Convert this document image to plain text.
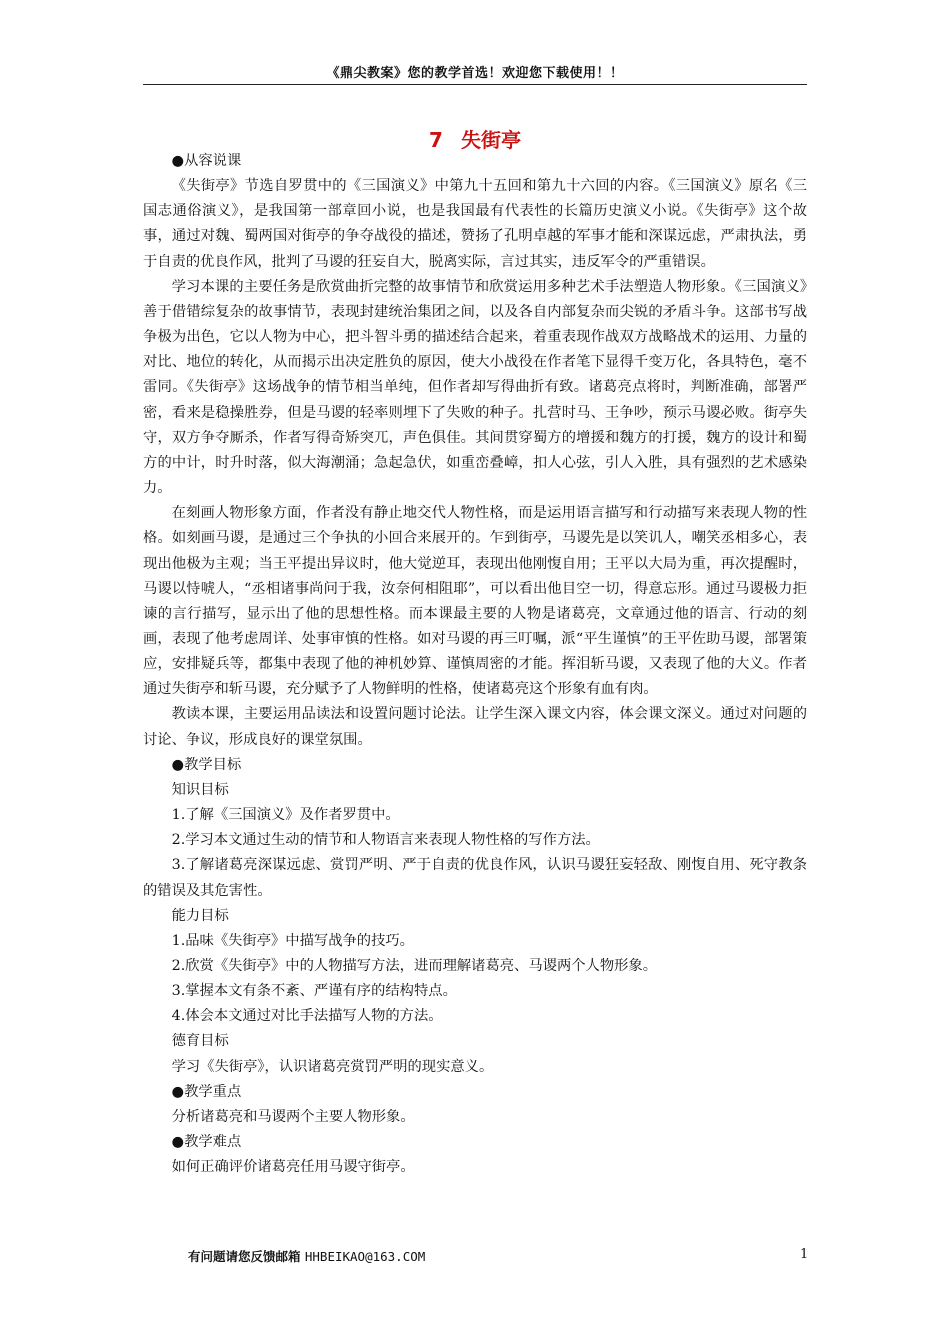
《鼎尖教案》您的教学首选！欢迎您下载使用！！
7 失街亭

●从容说课

《失街亭》节选自罗贯中的《三国演义》中第九十五回和第九十六回的内容。《三国演义》原名《三国志通俗演义》，是我国第一部章回小说，也是我国最有代表性的长篇历史演义小说。《失街亭》这个故事，通过对魏、蜀两国对街亭的争夺战役的描述，赞扬了孔明卓越的军事才能和深谋远虑，严肃执法，勇于自责的优良作风，批判了马谡的狂妄自大，脱离实际，言过其实，违反军令的严重错误。

学习本课的主要任务是欣赏曲折完整的故事情节和欣赏运用多种艺术手法塑造人物形象。《三国演义》善于借错综复杂的故事情节，表现封建统治集团之间，以及各自内部复杂而尖锐的矛盾斗争。这部书写战争极为出色，它以人物为中心，把斗智斗勇的描述结合起来，着重表现作战双方战略战术的运用、力量的对比、地位的转化，从而揭示出决定胜负的原因，使大小战役在作者笔下显得千变万化，各具特色，毫不雷同。《失街亭》这场战争的情节相当单纯，但作者却写得曲折有致。诸葛亮点将时，判断准确，部署严密，看来是稳操胜券，但是马谡的轻率则埋下了失败的种子。扎营时马、王争吵，预示马谡必败。街亭失守，双方争夺厮杀，作者写得奇矫突兀，声色俱佳。其间贯穿蜀方的增援和魏方的打援，魏方的设计和蜀方的中计，时升时落，似大海潮涌；急起急伏，如重峦叠嶂，扣人心弦，引人入胜，具有强烈的艺术感染力。

在刻画人物形象方面，作者没有静止地交代人物性格，而是运用语言描写和行动描写来表现人物的性格。如刻画马谡，是通过三个争执的小回合来展开的。乍到街亭，马谡先是以笑讥人，嘲笑丞相多心，表现出他极为主观；当王平提出异议时，他大觉逆耳，表现出他刚愎自用；王平以大局为重，再次提醒时，马谡以恃唬人，“丞相诸事尚问于我，汝奈何相阻耶”，可以看出他目空一切，得意忘形。通过马谡极力拒谏的言行描写，显示出了他的思想性格。而本课最主要的人物是诸葛亮，文章通过他的语言、行动的刻画，表现了他考虑周详、处事审慎的性格。如对马谡的再三叮嘱，派“平生谨慎”的王平佐助马谡，部署策应，安排疑兵等，都集中表现了他的神机妙算、谨慎周密的才能。挥泪斩马谡，又表现了他的大义。作者通过失街亭和斩马谡，充分赋予了人物鲜明的性格，使诸葛亮这个形象有血有肉。

教读本课，主要运用品读法和设置问题讨论法。让学生深入课文内容，体会课文深义。通过对问题的讨论、争议，形成良好的课堂氛围。

●教学目标

知识目标

1.了解《三国演义》及作者罗贯中。

2.学习本文通过生动的情节和人物语言来表现人物性格的写作方法。

3.了解诸葛亮深谋远虑、赏罚严明、严于自责的优良作风，认识马谡狂妄轻敌、刚愎自用、死守教条的错误及其危害性。

能力目标

1.品味《失街亭》中描写战争的技巧。

2.欣赏《失街亭》中的人物描写方法，进而理解诸葛亮、马谡两个人物形象。

3.掌握本文有条不紊、严谨有序的结构特点。

4.体会本文通过对比手法描写人物的方法。

德育目标

学习《失街亭》，认识诸葛亮赏罚严明的现实意义。

●教学重点

分析诸葛亮和马谡两个主要人物形象。

●教学难点

如何正确评价诸葛亮任用马谡守街亭。

有问题请您反馈邮箱 HHBEIKAO@163.COM	1
